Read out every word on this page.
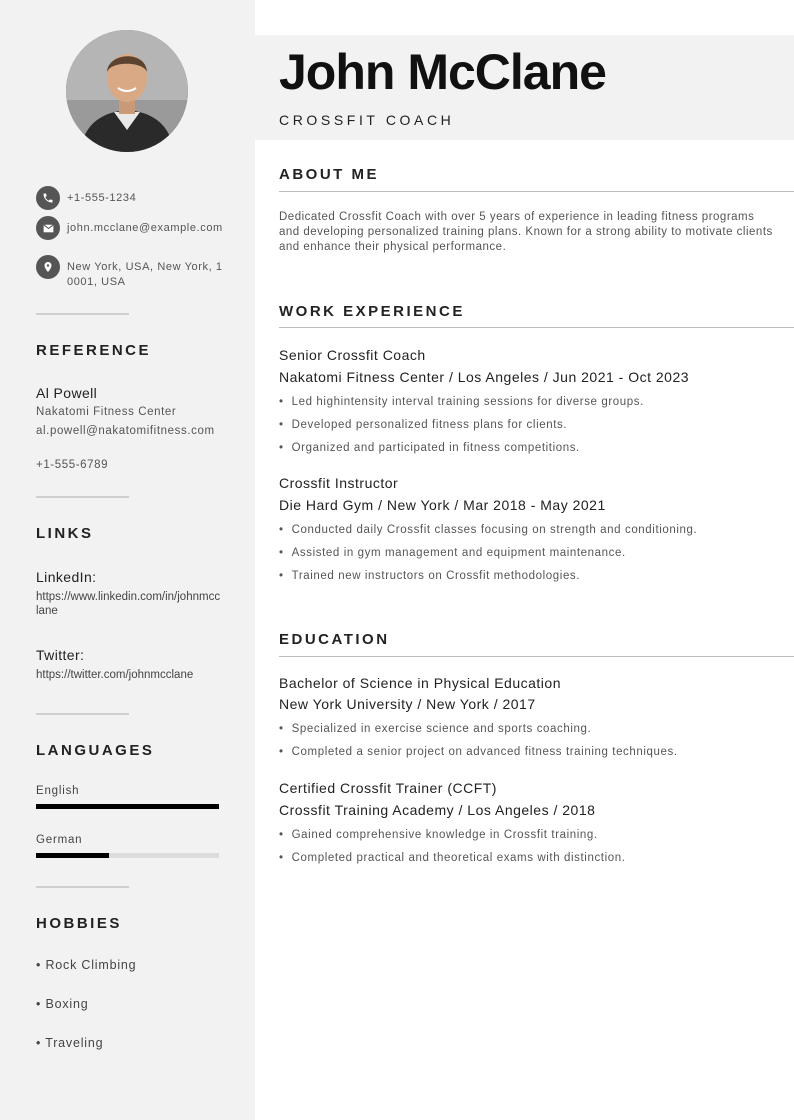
+1-555-1234
john.mcclane@example.com
New York, USA, New York, 10001, USA
REFERENCE
Al Powell
Nakatomi Fitness Center
al.powell@nakatomifitness.com
+1-555-6789
LINKS
LinkedIn:
https://www.linkedin.com/in/johnmcclane
Twitter:
https://twitter.com/johnmcclane
LANGUAGES
English
German
HOBBIES
• Rock Climbing
• Boxing
• Traveling
John McClane
CROSSFIT COACH
ABOUT ME
Dedicated Crossfit Coach with over 5 years of experience in leading fitness programs and developing personalized training plans. Known for a strong ability to motivate clients and enhance their physical performance.
WORK EXPERIENCE
Senior Crossfit Coach
Nakatomi Fitness Center / Los Angeles / Jun 2021 - Oct 2023
• Led highintensity interval training sessions for diverse groups.
• Developed personalized fitness plans for clients.
• Organized and participated in fitness competitions.
Crossfit Instructor
Die Hard Gym / New York / Mar 2018 - May 2021
• Conducted daily Crossfit classes focusing on strength and conditioning.
• Assisted in gym management and equipment maintenance.
• Trained new instructors on Crossfit methodologies.
EDUCATION
Bachelor of Science in Physical Education
New York University / New York / 2017
• Specialized in exercise science and sports coaching.
• Completed a senior project on advanced fitness training techniques.
Certified Crossfit Trainer (CCFT)
Crossfit Training Academy / Los Angeles / 2018
• Gained comprehensive knowledge in Crossfit training.
• Completed practical and theoretical exams with distinction.
